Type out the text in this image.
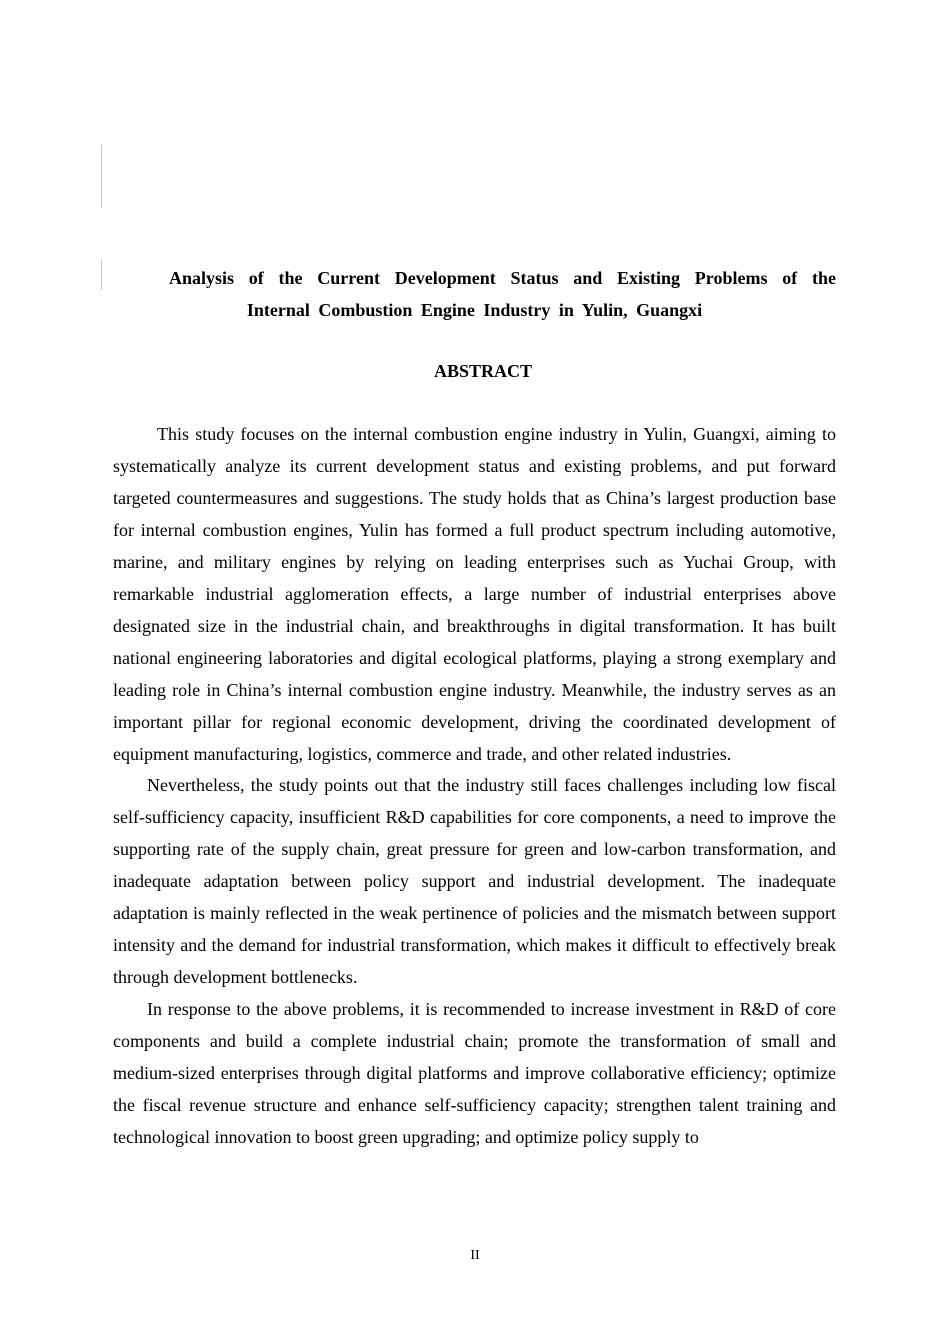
Analysis of the Current Development Status and Existing Problems of the
Internal Combustion Engine Industry in Yulin, Guangxi
ABSTRACT

This study focuses on the internal combustion engine industry in Yulin, Guangxi, aiming to systematically analyze its current development status and existing problems, and put forward targeted countermeasures and suggestions. The study holds that as China’s largest production base for internal combustion engines, Yulin has formed a full product spectrum including automotive, marine, and military engines by relying on leading enterprises such as Yuchai Group, with remarkable industrial agglomeration effects, a large number of industrial enterprises above designated size in the industrial chain, and breakthroughs in digital transformation. It has built national engineering laboratories and digital ecological platforms, playing a strong exemplary and leading role in China’s internal combustion engine industry. Meanwhile, the industry serves as an important pillar for regional economic development, driving the coordinated development of equipment manufacturing, logistics, commerce and trade, and other related industries.

Nevertheless, the study points out that the industry still faces challenges including low fiscal self-sufficiency capacity, insufficient R&D capabilities for core components, a need to improve the supporting rate of the supply chain, great pressure for green and low-carbon transformation, and inadequate adaptation between policy support and industrial development. The inadequate adaptation is mainly reflected in the weak pertinence of policies and the mismatch between support intensity and the demand for industrial transformation, which makes it difficult to effectively break through development bottlenecks.

In response to the above problems, it is recommended to increase investment in R&D of core components and build a complete industrial chain; promote the transformation of small and medium-sized enterprises through digital platforms and improve collaborative efficiency; optimize the fiscal revenue structure and enhance self-sufficiency capacity; strengthen talent training and technological innovation to boost green upgrading; and optimize policy supply to

II
